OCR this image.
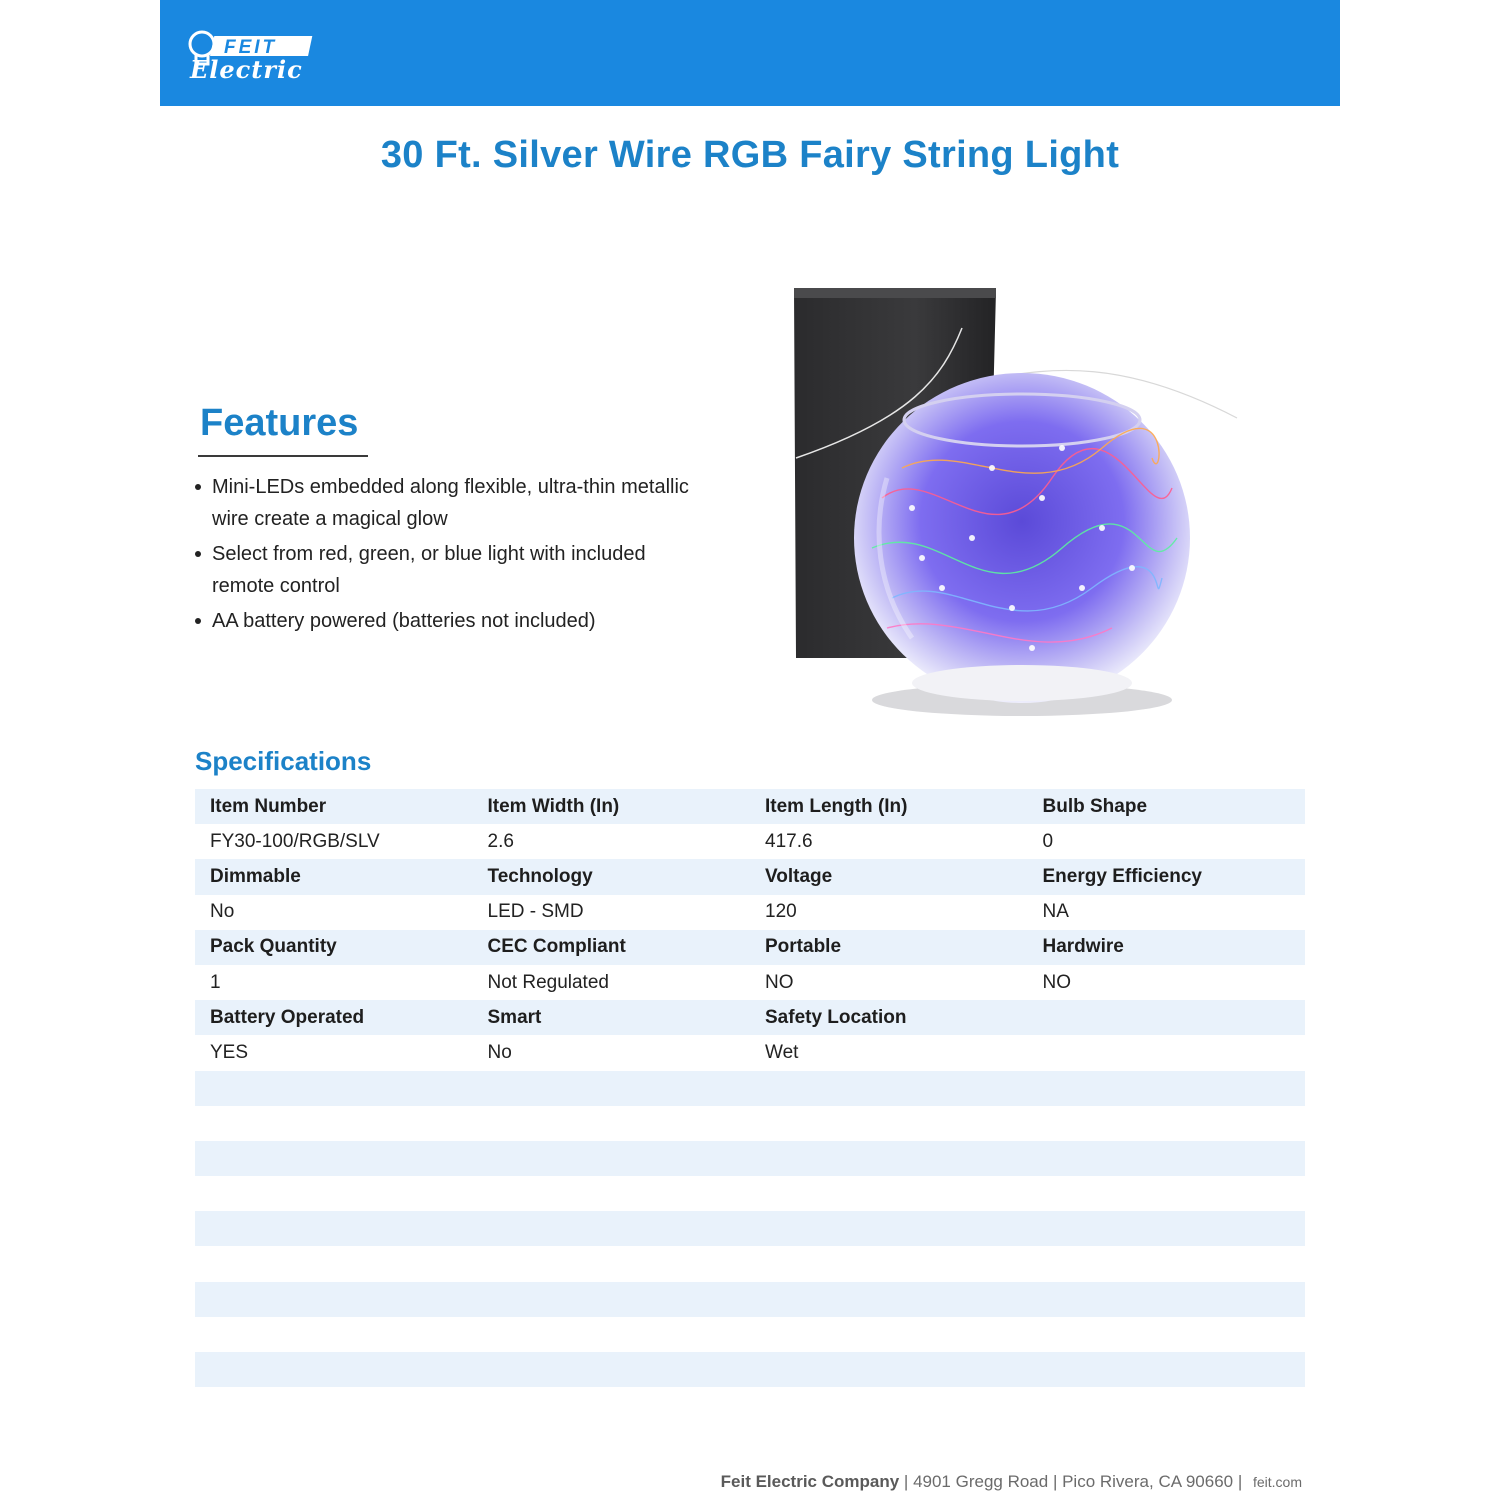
FEIT
Electric
30 Ft. Silver Wire RGB Fairy String Light
Features
Mini-LEDs embedded along flexible, ultra-thin metallic wire create a magical glow
Select from red, green, or blue light with included remote control
AA battery powered (batteries not included)
Specifications
Item Number	Item Width (In)	Item Length (In)	Bulb Shape
FY30-100/RGB/SLV	2.6	417.6	0
Dimmable	Technology	Voltage	Energy Efficiency
No	LED - SMD	120	NA
Pack Quantity	CEC Compliant	Portable	Hardwire
1	Not Regulated	NO	NO
Battery Operated	Smart	Safety Location
YES	No	Wet
Feit Electric Company | 4901 Gregg Road | Pico Rivera, CA 90660 | feit.com
